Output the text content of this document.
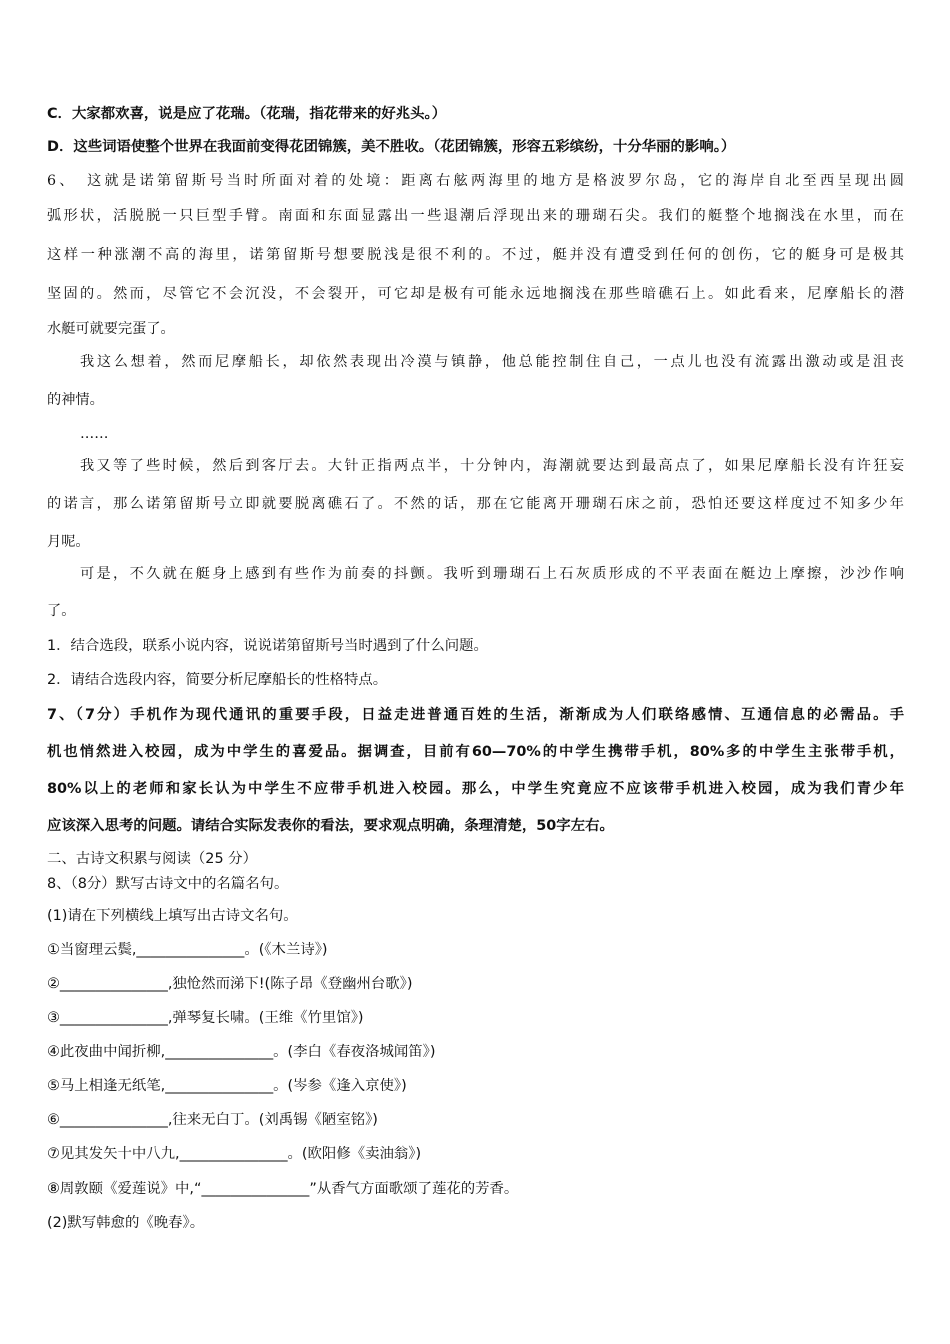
C．大家都欢喜，说是应了花瑞。（花瑞，指花带来的好兆头。）
D．这些词语使整个世界在我面前变得花团锦簇，美不胜收。（花团锦簇，形容五彩缤纷，十分华丽的影响。）
6、　这就是诺第留斯号当时所面对着的处境：距离右舷两海里的地方是格波罗尔岛，它的海岸自北至西呈现出圆
弧形状，活脱脱一只巨型手臂。南面和东面显露出一些退潮后浮现出来的珊瑚石尖。我们的艇整个地搁浅在水里，而在
这样一种涨潮不高的海里，诺第留斯号想要脱浅是很不利的。不过，艇并没有遭受到任何的创伤，它的艇身可是极其
坚固的。然而，尽管它不会沉没，不会裂开，可它却是极有可能永远地搁浅在那些暗礁石上。如此看来，尼摩船长的潜
水艇可就要完蛋了。
我这么想着，然而尼摩船长，却依然表现出冷漠与镇静，他总能控制住自己，一点儿也没有流露出激动或是沮丧
的神情。
……
我又等了些时候，然后到客厅去。大针正指两点半，十分钟内，海潮就要达到最高点了，如果尼摩船长没有许狂妄
的诺言，那么诺第留斯号立即就要脱离礁石了。不然的话，那在它能离开珊瑚石床之前，恐怕还要这样度过不知多少年
月呢。
可是，不久就在艇身上感到有些作为前奏的抖颤。我听到珊瑚石上石灰质形成的不平表面在艇边上摩擦，沙沙作响
了。
1．结合选段，联系小说内容，说说诺第留斯号当时遇到了什么问题。
2．请结合选段内容，简要分析尼摩船长的性格特点。
7、（7分）手机作为现代通讯的重要手段，日益走进普通百姓的生活，渐渐成为人们联络感情、互通信息的必需品。手
机也悄然进入校园，成为中学生的喜爱品。据调查，目前有60—70%的中学生携带手机，80%多的中学生主张带手机，
80%以上的老师和家长认为中学生不应带手机进入校园。那么，中学生究竟应不应该带手机进入校园，成为我们青少年
应该深入思考的问题。请结合实际发表你的看法，要求观点明确，条理清楚，50字左右。
二、古诗文积累与阅读（25 分）
8、（8分）默写古诗文中的名篇名句。
(1)请在下列横线上填写出古诗文名句。
①当窗理云鬓,_______________。(《木兰诗》)
②_______________,独怆然而涕下!(陈子昂《登幽州台歌》)
③_______________,弹琴复长啸。(王维《竹里馆》)
④此夜曲中闻折柳,_______________。(李白《春夜洛城闻笛》)
⑤马上相逢无纸笔,_______________。(岑参《逢入京使》)
⑥_______________,往来无白丁。(刘禹锡《陋室铭》)
⑦见其发矢十中八九,_______________。(欧阳修《卖油翁》)
⑧周敦颐《爱莲说》中,“_______________”从香气方面歌颂了莲花的芳香。
(2)默写韩愈的《晚春》。
